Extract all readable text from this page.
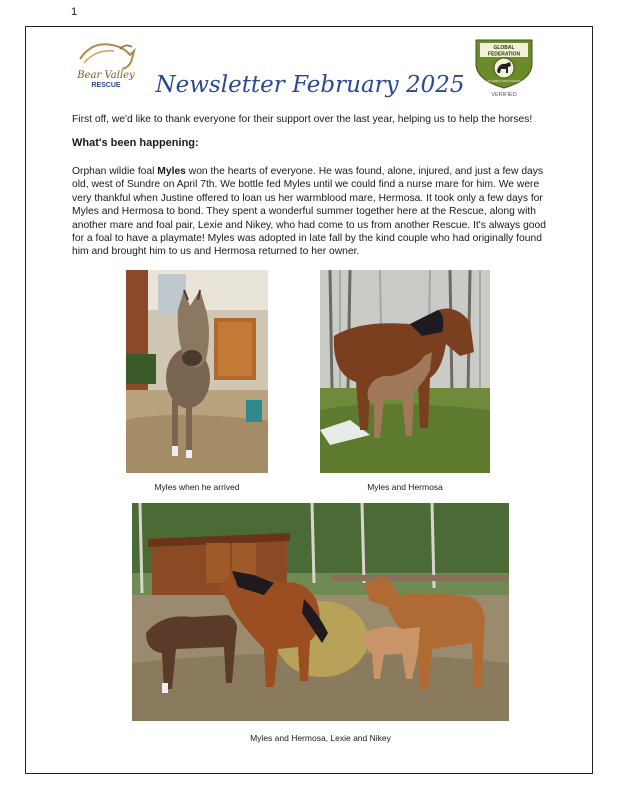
1
Bear Valley
RESCUE
GLOBAL
FEDERATION
OF ANIMAL SANCTUARIES
VERIFIED
Newsletter February 2025
First off, we'd like to thank everyone for their support over the last year, helping us to help the horses!
What's been happening:
Orphan wildie foal Myles won the hearts of everyone. He was found, alone, injured, and just a few days old, west of Sundre on April 7th. We bottle fed Myles until we could find a nurse mare for him. We were very thankful when Justine offered to loan us her warmblood mare, Hermosa. It took only a few days for Myles and Hermosa to bond. They spent a wonderful summer together here at the Rescue, along with another mare and foal pair, Lexie and Nikey, who had come to us from another Rescue. It's always good for a foal to have a playmate! Myles was adopted in late fall by the kind couple who had originally found him and brought him to us and Hermosa returned to her owner.
Myles when he arrived	Myles and Hermosa
Myles and Hermosa, Lexie and Nikey
